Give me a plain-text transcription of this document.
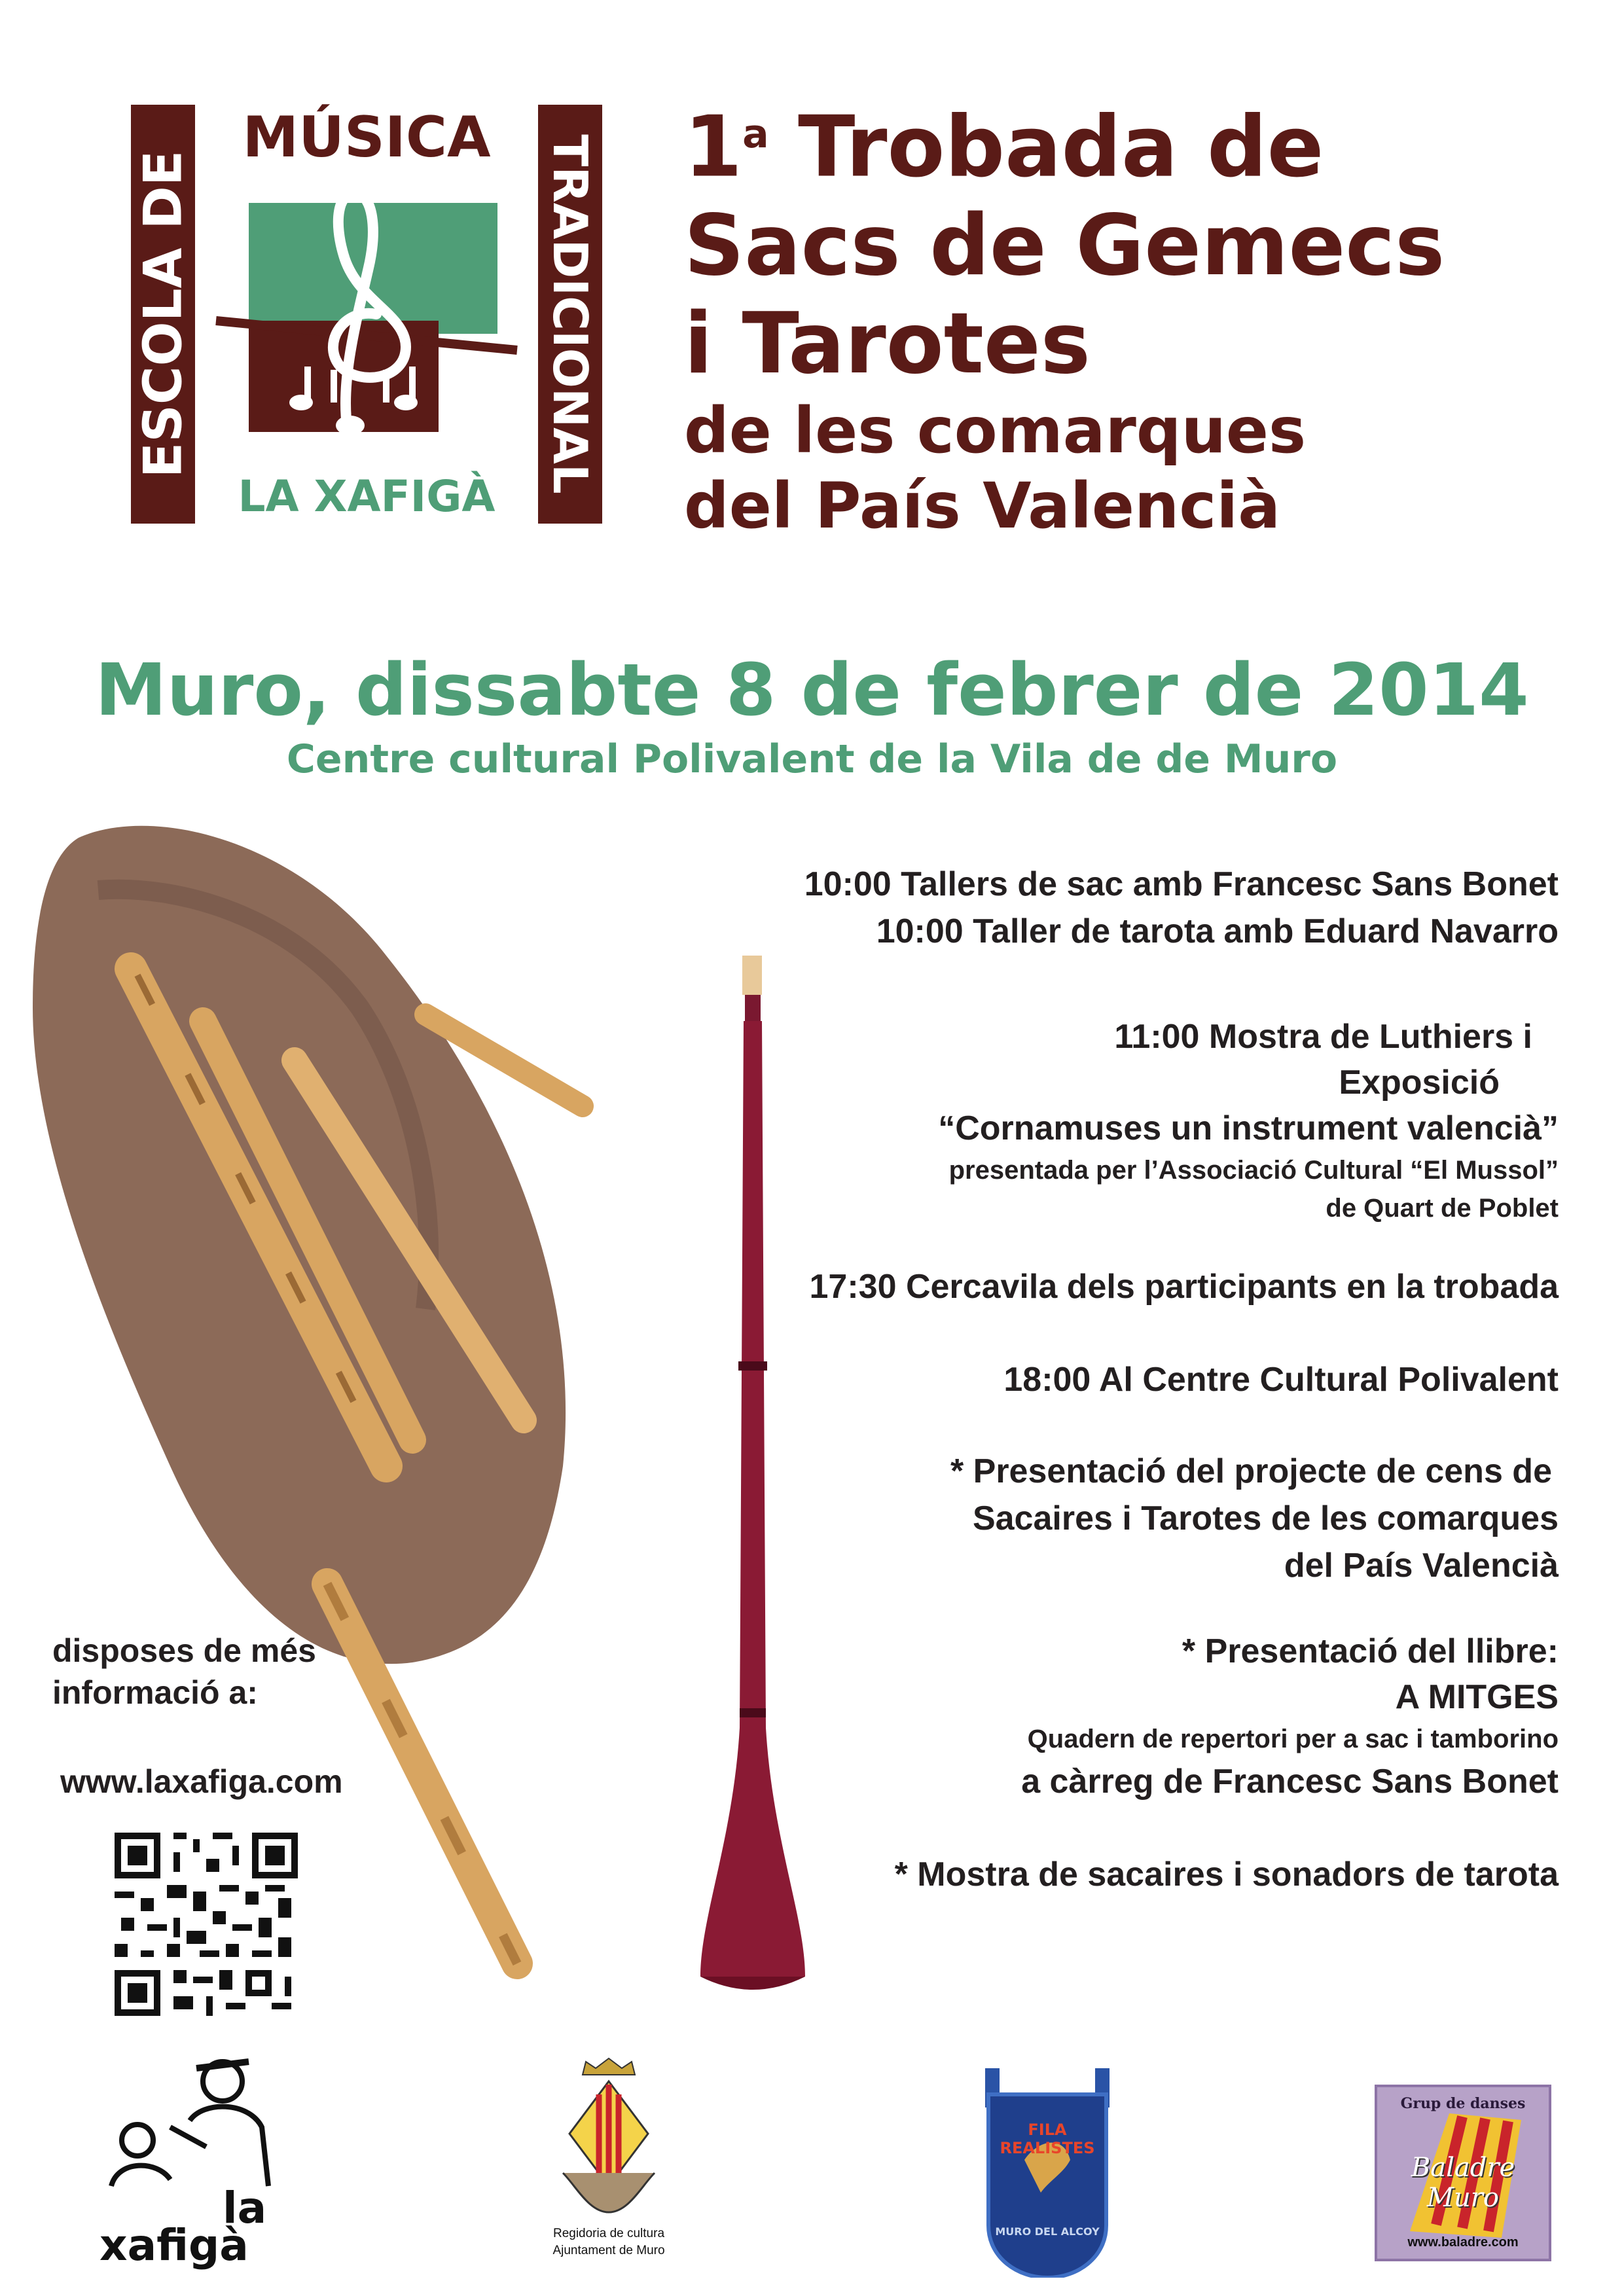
ESCOLA DE	TRADICIONAL
MÚSICA
LA XAFIGÀ
1$^a$ Trobada de
Sacs de Gemecs
i Tarotes
de les comarques
del País Valencià
Muro, dissabte 8 de febrer de 2014
Centre cultural Polivalent de la Vila de de Muro
10:00 Tallers de sac amb Francesc Sans Bonet
10:00 Taller de tarota amb Eduard Navarro
11:00 Mostra de Luthiers i
Exposició
“Cornamuses un instrument valencià”
presentada per l’Associació Cultural “El Mussol”
de Quart de Poblet
17:30 Cercavila dels participants en la trobada
18:00 Al Centre Cultural Polivalent
* Presentació del projecte de cens de
Sacaires i Tarotes de les comarques
del País Valencià
* Presentació del llibre:
A MITGES
Quadern de repertori per a sac i tamborino
a càrreg de Francesc Sans Bonet
* Mostra de sacaires i sonadors de tarota
disposes de més
informació a:
www.laxafiga.com
la
xafigà	Regidoria de cultura
Ajuntament de Muro
FILA REALISTES
MURO DEL ALCOY
Grup de danses
Baladre Muro
www.baladre.com
